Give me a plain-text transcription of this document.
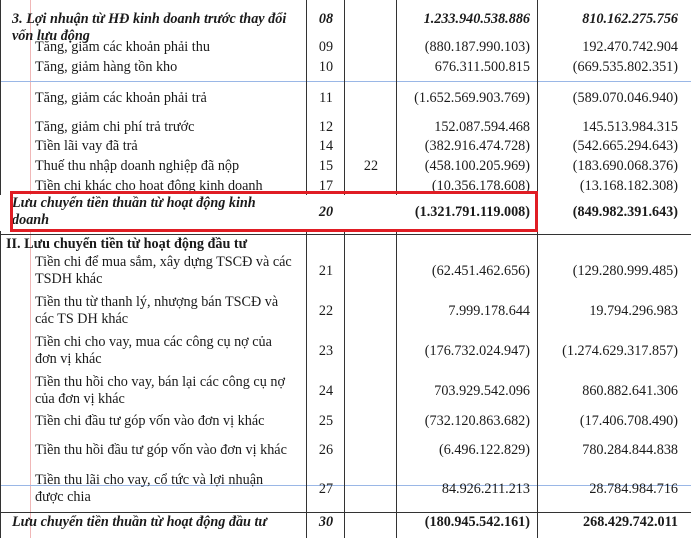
3. Lợi nhuận từ HĐ kinh doanh trước thay đổi
vốn lưu động
08	1.233.940.538.886	810.162.275.756
Tăng, giảm các khoản phải thu	09	(880.187.990.103)	192.470.742.904
Tăng, giảm hàng tồn kho	10	676.311.500.815	(669.535.802.351)
Tăng, giảm các khoản phải trả	11	(1.652.569.903.769)	(589.070.046.940)
Tăng, giảm chi phí trả trước	12	152.087.594.468	145.513.984.315
Tiền lãi vay đã trả	14	(382.916.474.728)	(542.665.294.643)
Thuế thu nhập doanh nghiệp đã nộp	15	22	(458.100.205.969)	(183.690.068.376)
Tiền chi khác cho hoạt động kinh doanh	17	(10.356.178.608)	(13.168.182.308)
Lưu chuyển tiền thuần từ hoạt động kinh
doanh	20	(1.321.791.119.008)	(849.982.391.643)
II. Lưu chuyển tiền từ hoạt động đầu tư
Tiền chi để mua sắm, xây dựng TSCĐ và các
TSDH khác	21	(62.451.462.656)	(129.280.999.485)
Tiền thu từ thanh lý, nhượng bán TSCĐ và
các TS DH khác	22	7.999.178.644	19.794.296.983
Tiền chi cho vay, mua các công cụ nợ của
đơn vị khác	23	(176.732.024.947)	(1.274.629.317.857)
Tiền thu hồi cho vay, bán lại các công cụ nợ
của đơn vị khác	24	703.929.542.096	860.882.641.306
Tiền chi đầu tư góp vốn vào đơn vị khác	25	(732.120.863.682)	(17.406.708.490)
Tiền thu hồi đầu tư góp vốn vào đơn vị khác	26	(6.496.122.829)	780.284.844.838
Tiền thu lãi cho vay, cổ tức và lợi nhuận
được chia	27	84.926.211.213	28.784.984.716
Lưu chuyển tiền thuần từ hoạt động đầu tư	30	(180.945.542.161)	268.429.742.011
